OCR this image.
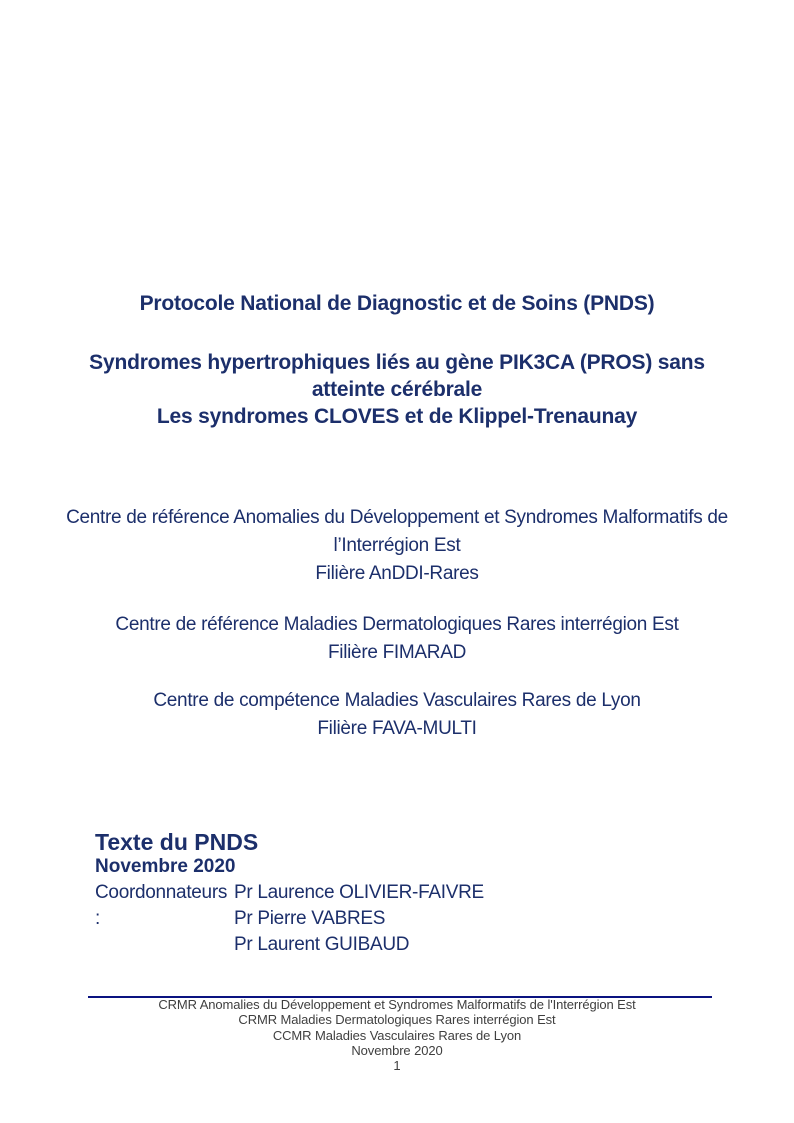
Protocole National de Diagnostic et de Soins (PNDS)
Syndromes hypertrophiques liés au gène PIK3CA (PROS) sans
atteinte cérébrale
Les syndromes CLOVES et de Klippel-Trenaunay
Centre de référence Anomalies du Développement et Syndromes Malformatifs de
l’Interrégion Est
Filière AnDDI-Rares
Centre de référence Maladies Dermatologiques Rares interrégion Est
Filière FIMARAD
Centre de compétence Maladies Vasculaires Rares de Lyon
Filière FAVA-MULTI
Texte du PNDS
Novembre 2020
Coordonnateurs :
Pr Laurence OLIVIER-FAIVRE
Pr Pierre VABRES
Pr Laurent GUIBAUD
CRMR Anomalies du Développement et Syndromes Malformatifs de l'Interrégion Est
CRMR Maladies Dermatologiques Rares interrégion Est
CCMR Maladies Vasculaires Rares de Lyon
Novembre 2020
1
